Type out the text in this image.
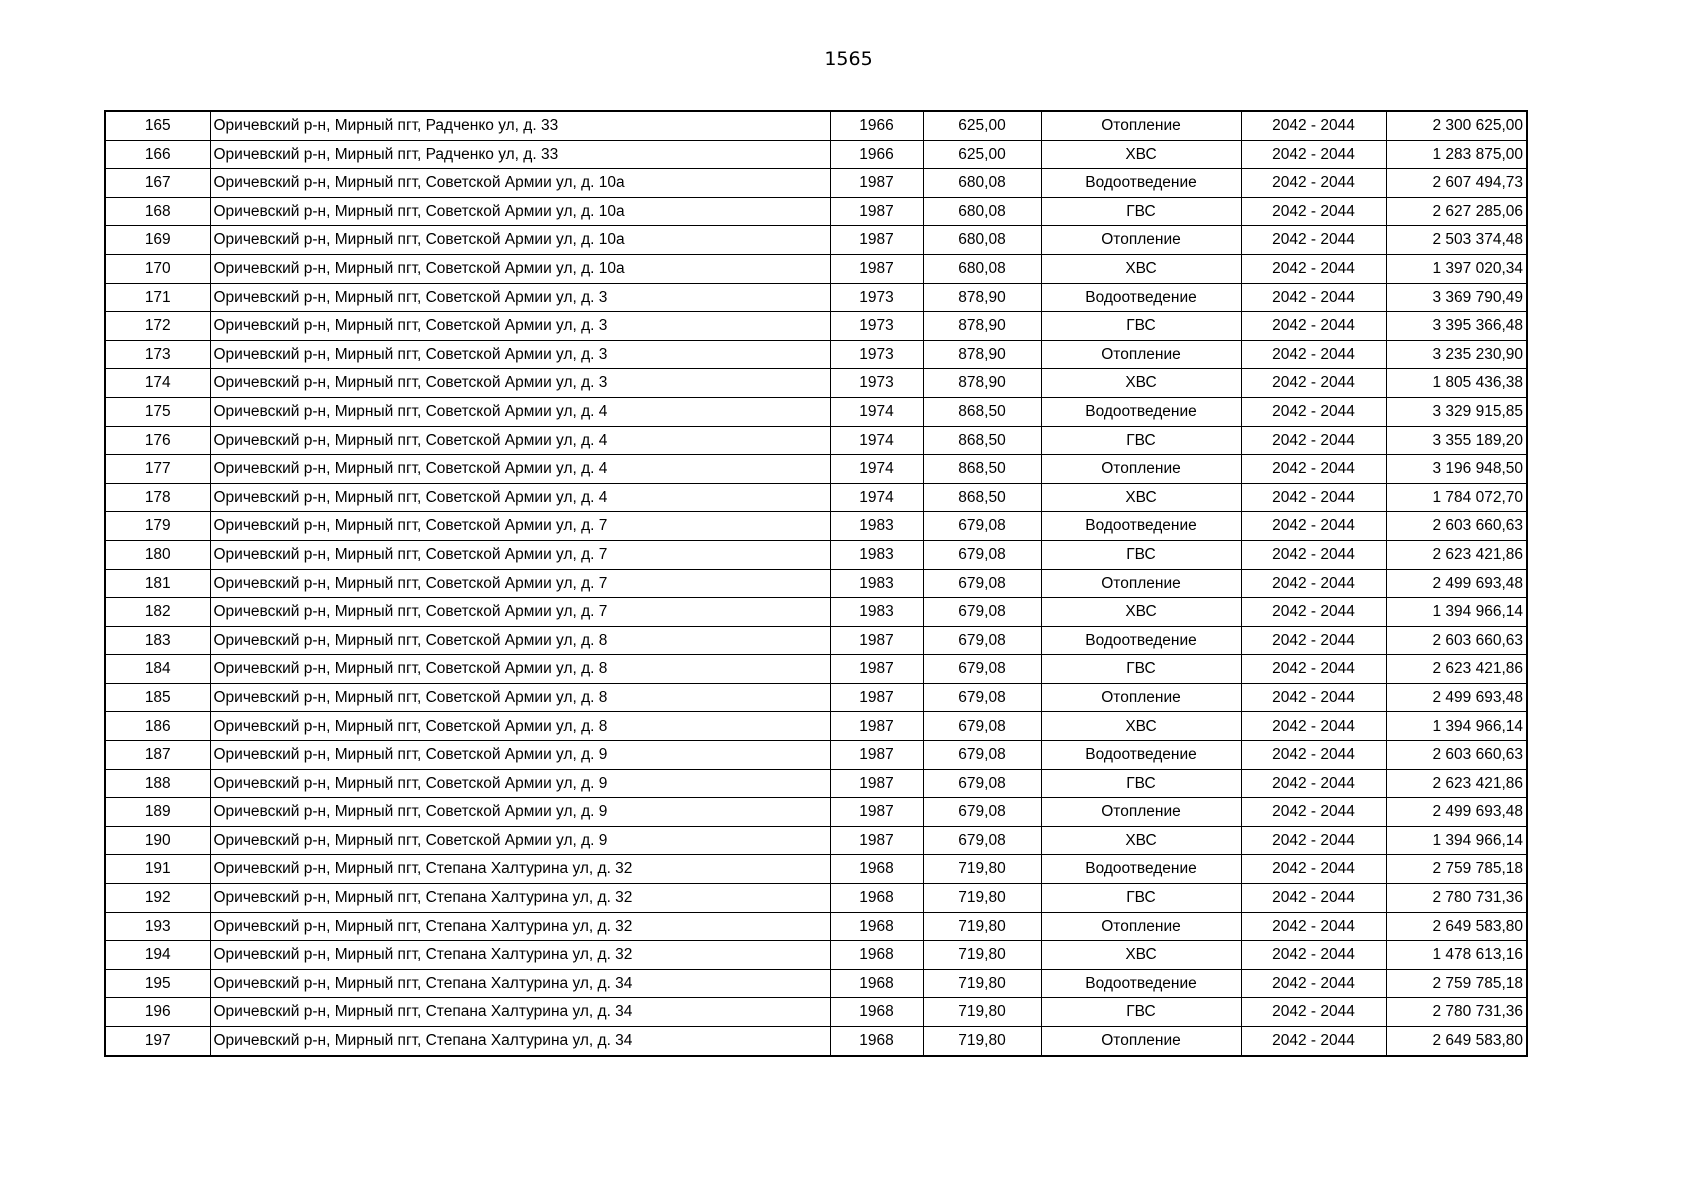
1565
165	Оричевский р-н, Мирный пгт, Радченко ул, д. 33	1966	625,00	Отопление	2042 - 2044	2 300 625,00
166	Оричевский р-н, Мирный пгт, Радченко ул, д. 33	1966	625,00	ХВС	2042 - 2044	1 283 875,00
167	Оричевский р-н, Мирный пгт, Советской Армии ул, д. 10а	1987	680,08	Водоотведение	2042 - 2044	2 607 494,73
168	Оричевский р-н, Мирный пгт, Советской Армии ул, д. 10а	1987	680,08	ГВС	2042 - 2044	2 627 285,06
169	Оричевский р-н, Мирный пгт, Советской Армии ул, д. 10а	1987	680,08	Отопление	2042 - 2044	2 503 374,48
170	Оричевский р-н, Мирный пгт, Советской Армии ул, д. 10а	1987	680,08	ХВС	2042 - 2044	1 397 020,34
171	Оричевский р-н, Мирный пгт, Советской Армии ул, д. 3	1973	878,90	Водоотведение	2042 - 2044	3 369 790,49
172	Оричевский р-н, Мирный пгт, Советской Армии ул, д. 3	1973	878,90	ГВС	2042 - 2044	3 395 366,48
173	Оричевский р-н, Мирный пгт, Советской Армии ул, д. 3	1973	878,90	Отопление	2042 - 2044	3 235 230,90
174	Оричевский р-н, Мирный пгт, Советской Армии ул, д. 3	1973	878,90	ХВС	2042 - 2044	1 805 436,38
175	Оричевский р-н, Мирный пгт, Советской Армии ул, д. 4	1974	868,50	Водоотведение	2042 - 2044	3 329 915,85
176	Оричевский р-н, Мирный пгт, Советской Армии ул, д. 4	1974	868,50	ГВС	2042 - 2044	3 355 189,20
177	Оричевский р-н, Мирный пгт, Советской Армии ул, д. 4	1974	868,50	Отопление	2042 - 2044	3 196 948,50
178	Оричевский р-н, Мирный пгт, Советской Армии ул, д. 4	1974	868,50	ХВС	2042 - 2044	1 784 072,70
179	Оричевский р-н, Мирный пгт, Советской Армии ул, д. 7	1983	679,08	Водоотведение	2042 - 2044	2 603 660,63
180	Оричевский р-н, Мирный пгт, Советской Армии ул, д. 7	1983	679,08	ГВС	2042 - 2044	2 623 421,86
181	Оричевский р-н, Мирный пгт, Советской Армии ул, д. 7	1983	679,08	Отопление	2042 - 2044	2 499 693,48
182	Оричевский р-н, Мирный пгт, Советской Армии ул, д. 7	1983	679,08	ХВС	2042 - 2044	1 394 966,14
183	Оричевский р-н, Мирный пгт, Советской Армии ул, д. 8	1987	679,08	Водоотведение	2042 - 2044	2 603 660,63
184	Оричевский р-н, Мирный пгт, Советской Армии ул, д. 8	1987	679,08	ГВС	2042 - 2044	2 623 421,86
185	Оричевский р-н, Мирный пгт, Советской Армии ул, д. 8	1987	679,08	Отопление	2042 - 2044	2 499 693,48
186	Оричевский р-н, Мирный пгт, Советской Армии ул, д. 8	1987	679,08	ХВС	2042 - 2044	1 394 966,14
187	Оричевский р-н, Мирный пгт, Советской Армии ул, д. 9	1987	679,08	Водоотведение	2042 - 2044	2 603 660,63
188	Оричевский р-н, Мирный пгт, Советской Армии ул, д. 9	1987	679,08	ГВС	2042 - 2044	2 623 421,86
189	Оричевский р-н, Мирный пгт, Советской Армии ул, д. 9	1987	679,08	Отопление	2042 - 2044	2 499 693,48
190	Оричевский р-н, Мирный пгт, Советской Армии ул, д. 9	1987	679,08	ХВС	2042 - 2044	1 394 966,14
191	Оричевский р-н, Мирный пгт, Степана Халтурина ул, д. 32	1968	719,80	Водоотведение	2042 - 2044	2 759 785,18
192	Оричевский р-н, Мирный пгт, Степана Халтурина ул, д. 32	1968	719,80	ГВС	2042 - 2044	2 780 731,36
193	Оричевский р-н, Мирный пгт, Степана Халтурина ул, д. 32	1968	719,80	Отопление	2042 - 2044	2 649 583,80
194	Оричевский р-н, Мирный пгт, Степана Халтурина ул, д. 32	1968	719,80	ХВС	2042 - 2044	1 478 613,16
195	Оричевский р-н, Мирный пгт, Степана Халтурина ул, д. 34	1968	719,80	Водоотведение	2042 - 2044	2 759 785,18
196	Оричевский р-н, Мирный пгт, Степана Халтурина ул, д. 34	1968	719,80	ГВС	2042 - 2044	2 780 731,36
197	Оричевский р-н, Мирный пгт, Степана Халтурина ул, д. 34	1968	719,80	Отопление	2042 - 2044	2 649 583,80
